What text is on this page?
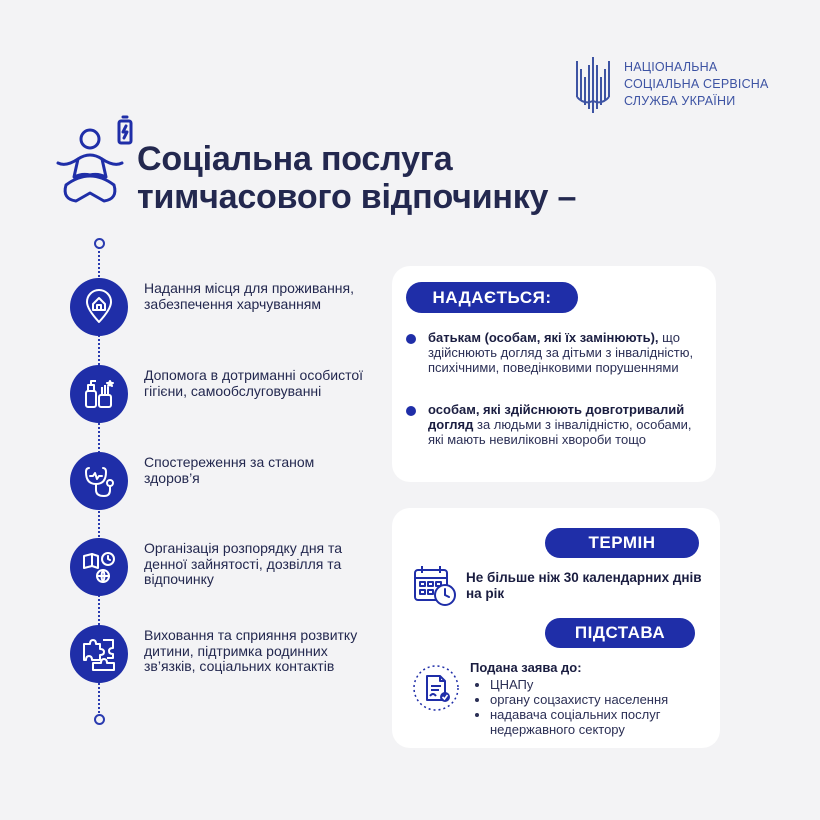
НАЦІОНАЛЬНА
СОЦІАЛЬНА СЕРВІСНА
СЛУЖБА УКРАЇНИ
Соціальна послуга
тимчасового відпочинку –
Надання місця для проживання, забезпечення харчуванням
Допомога в дотриманні особистої гігієни, самообслуговуванні
Спостереження за станом здоров’я
Організація розпорядку дня та денної зайнятості, дозвілля та відпочинку
Виховання та сприяння розвитку дитини, підтримка родинних зв’язків, соціальних контактів
НАДАЄТЬСЯ:
батькам (особам, які їх замінюють), що здійснюють догляд за дітьми з інвалідністю, психічними, поведінковими порушеннями
особам, які здійснюють довготривалий догляд за людьми з інвалідністю, особами, які мають невиліковні хвороби тощо
ТЕРМІН
Не більше ніж 30 календарних днів на рік
ПІДСТАВА
Подана заява до:
• ЦНАПу
• органу соцзахисту населення
• надавача соціальних послуг недержавного сектору
